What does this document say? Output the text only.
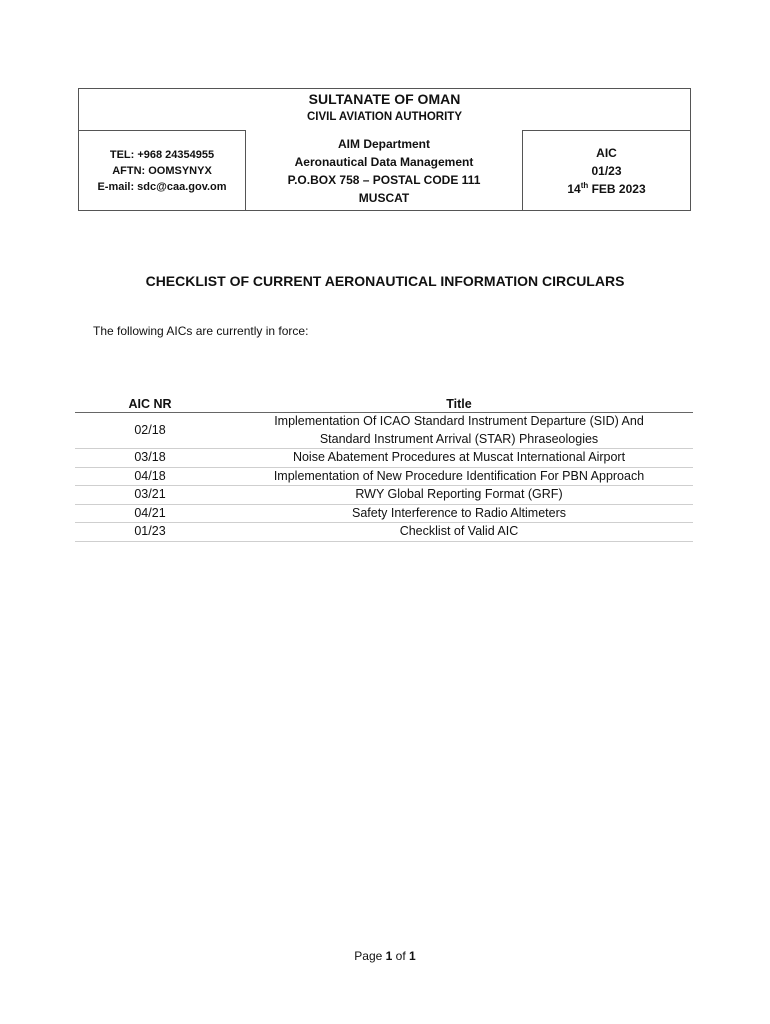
SULTANATE OF OMAN
CIVIL AVIATION AUTHORITY
TEL: +968 24354955
AFTN: OOMSYNYX
E-mail: sdc@caa.gov.om
AIM Department
Aeronautical Data Management
P.O.BOX 758 – POSTAL CODE 111
MUSCAT
AIC
01/23
14th FEB 2023
CHECKLIST OF CURRENT AERONAUTICAL INFORMATION CIRCULARS
The following AICs are currently in force:
AIC NR	Title
02/18	Implementation Of ICAO Standard Instrument Departure (SID) And
Standard Instrument Arrival (STAR) Phraseologies

03/18	Noise Abatement Procedures at Muscat International Airport
04/18	Implementation of New Procedure Identification For PBN Approach
03/21	RWY Global Reporting Format (GRF)
04/21	Safety Interference to Radio Altimeters
01/23	Checklist of Valid AIC
Page 1 of 1
